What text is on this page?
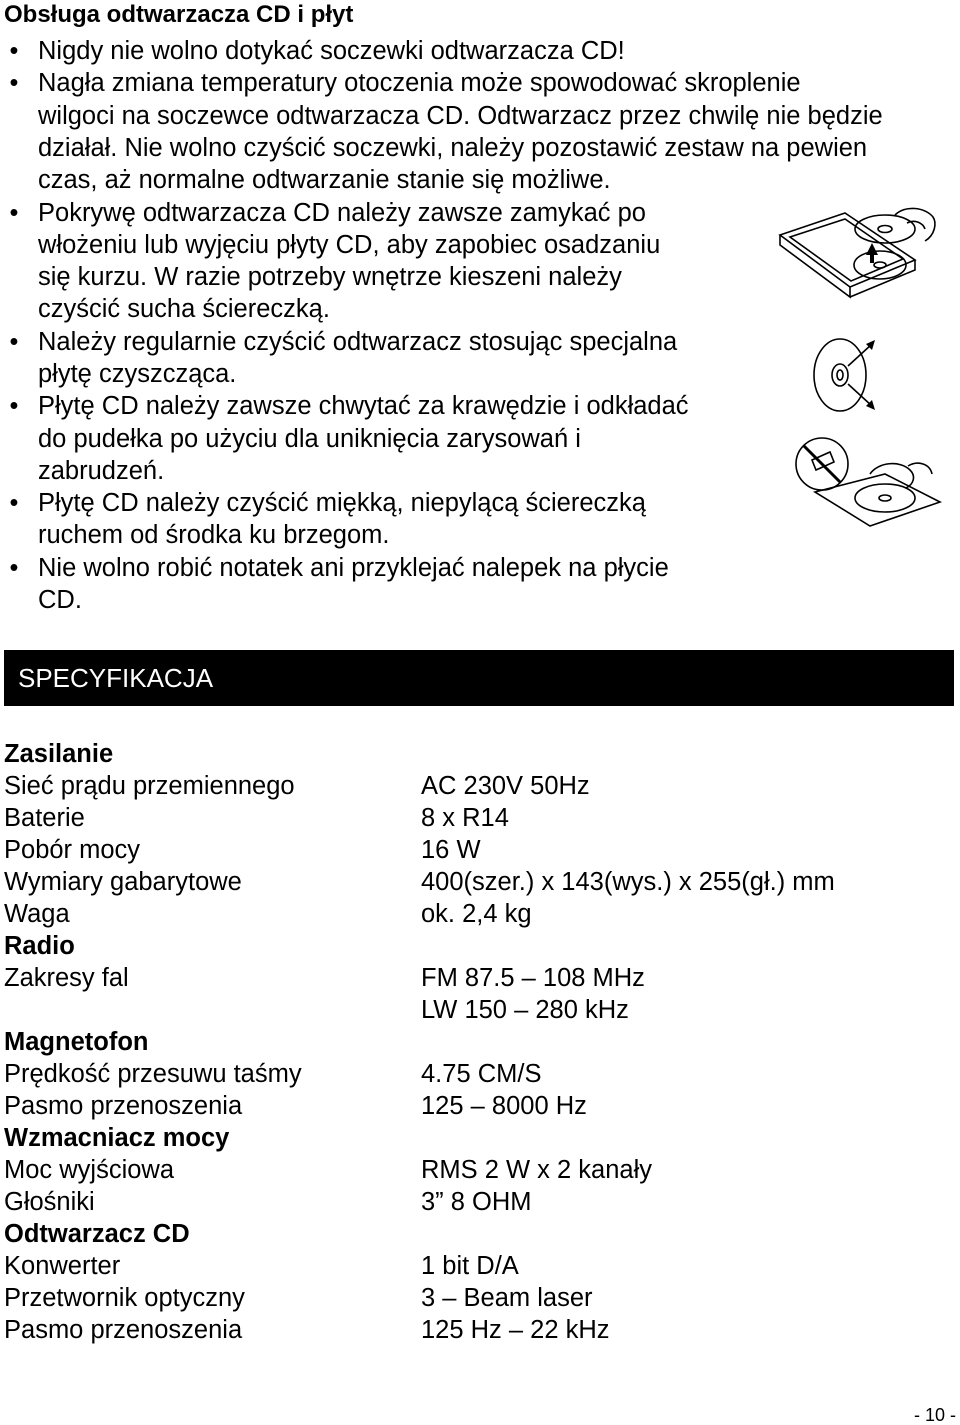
Obsługa odtwarzacza CD i płyt
• Nigdy nie wolno dotykać soczewki odtwarzacza CD!
• Nagła zmiana temperatury otoczenia może spowodować skroplenie
wilgoci na soczewce odtwarzacza CD. Odtwarzacz przez chwilę nie będzie
działał. Nie wolno czyścić soczewki, należy pozostawić zestaw na pewien
czas, aż normalne odtwarzanie stanie się możliwe.
• Pokrywę odtwarzacza CD należy zawsze zamykać po
włożeniu lub wyjęciu płyty CD, aby zapobiec osadzaniu
się kurzu. W razie potrzeby wnętrze kieszeni należy
czyścić sucha ściereczką.
• Należy regularnie czyścić odtwarzacz stosując specjalna
płytę czyszcząca.
• Płytę CD należy zawsze chwytać za krawędzie i odkładać
do pudełka po użyciu dla uniknięcia zarysowań i
zabrudzeń.
• Płytę CD należy czyścić miękką, niepylącą ściereczką
ruchem od środka ku brzegom.
• Nie wolno robić notatek ani przyklejać nalepek na płycie
CD.
SPECYFIKACJA
Zasilanie
Sieć prądu przemiennego	AC 230V 50Hz
Baterie	8 x R14
Pobór mocy	16 W
Wymiary gabarytowe	400(szer.) x 143(wys.) x 255(gł.) mm
Waga	ok. 2,4 kg
Radio
Zakresy fal	FM 87.5 – 108 MHz
LW 150 – 280 kHz
Magnetofon
Prędkość przesuwu taśmy	4.75 CM/S
Pasmo przenoszenia	125 – 8000 Hz
Wzmacniacz mocy
Moc wyjściowa	RMS 2 W x 2 kanały
Głośniki	3” 8 OHM
Odtwarzacz CD
Konwerter	1 bit D/A
Przetwornik optyczny	3 – Beam laser
Pasmo przenoszenia	125 Hz – 22 kHz
- 10 -
